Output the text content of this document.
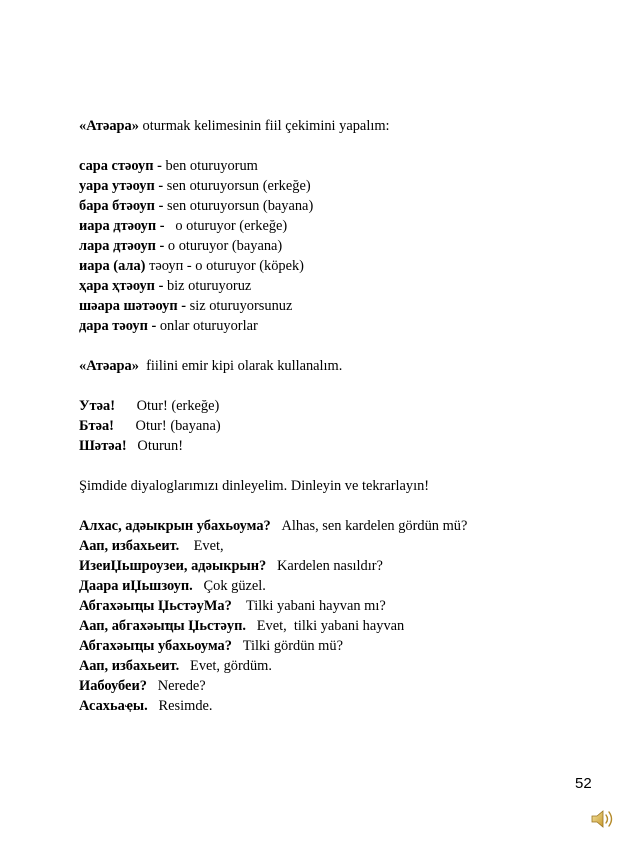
«Атәара» oturmak kelimesinin fiil çekimini yapalım:
сара стәоуп - ben oturuyorum
уара утәоуп - sen oturuyorsun (erkeğe)
бара бтәоуп - sen oturuyorsun (bayana)
иара дтәоуп -   o oturuyor (erkeğe)
лара дтәоуп - o oturuyor (bayana)
иара (ала) тәоуп - o oturuyor (köpek)
ҳара ҳтәоуп - biz oturuyoruz
шәара шәтәоуп - siz oturuyorsunuz
дара тәоуп - onlar oturuyorlar
«Атәара»  fiilini emir kipi olarak kullanalım.
Утәа!      Otur! (erkeğe)
Бтәа!      Otur! (bayana)
Шәтәа!   Oturun!
Şimdide diyaloglarımızı dinleyelim. Dinleyin ve tekrarlayın!
Алхас, адәыкрын убахьоума?   Alhas, sen kardelen gördün mü?
Аап, избахьеит.    Evet,
ИзеиЏьшроузеи, адәыкрын?   Kardelen nasıldır?
Даара иЏьшзоуп.   Çok güzel.
Абгахәыҵы ЏьстәуMa?    Tilki yabani hayvan mı?
Аап, абгахәыҵы Џьстәуп.   Evet,  tilki yabani hayvan
Абгахәыҵы убахьоума?   Tilki gördün mü?
Аап, избахьеит.   Evet, gördüm.
Иабоубеи?   Nerede?
Асахьаҿы.   Resimde.
52
